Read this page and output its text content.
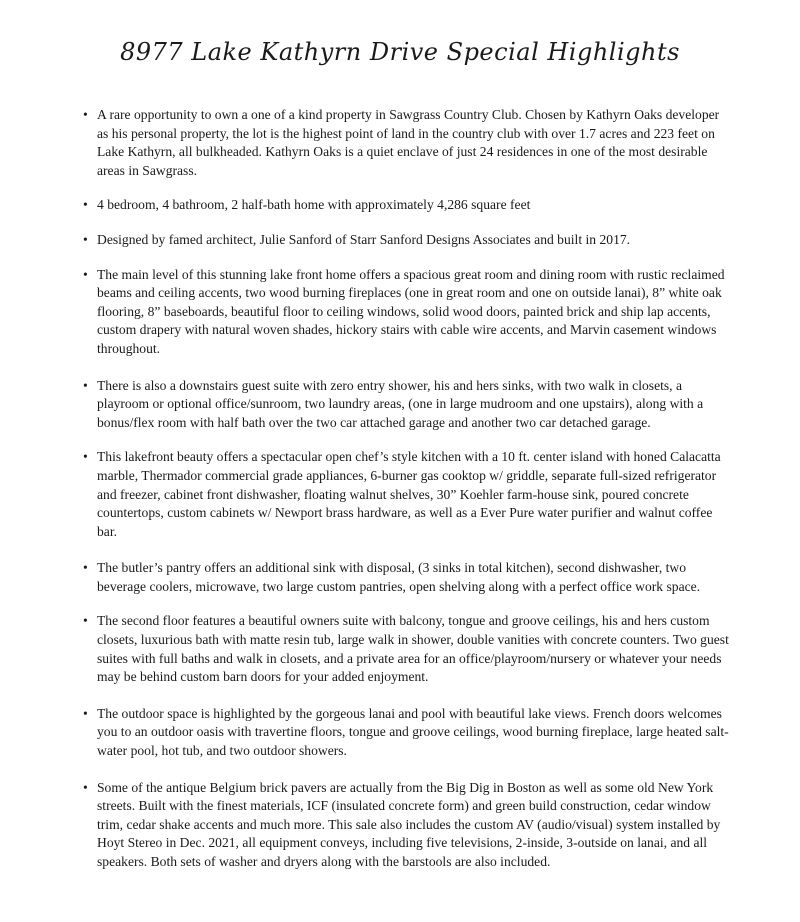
8977 Lake Kathyrn Drive Special Highlights
• A rare opportunity to own a one of a kind property in Sawgrass Country Club. Chosen by Kathyrn Oaks developer as his personal property, the lot is the highest point of land in the country club with over 1.7 acres and 223 feet on Lake Kathyrn, all bulkheaded. Kathyrn Oaks is a quiet enclave of just 24 residences in one of the most desirable areas in Sawgrass.
• 4 bedroom, 4 bathroom, 2 half-bath home with approximately 4,286 square feet
• Designed by famed architect, Julie Sanford of Starr Sanford Designs Associates and built in 2017.
• The main level of this stunning lake front home offers a spacious great room and dining room with rustic reclaimed beams and ceiling accents, two wood burning fireplaces (one in great room and one on outside lanai), 8” white oak flooring, 8” baseboards, beautiful floor to ceiling windows, solid wood doors, painted brick and ship lap accents, custom drapery with natural woven shades, hickory stairs with cable wire accents, and Marvin casement windows throughout.
• There is also a downstairs guest suite with zero entry shower, his and hers sinks, with two walk in closets, a playroom or optional office/sunroom, two laundry areas, (one in large mudroom and one upstairs), along with a bonus/flex room with half bath over the two car attached garage and another two car detached garage.
• This lakefront beauty offers a spectacular open chef’s style kitchen with a 10 ft. center island with honed Calacatta marble, Thermador commercial grade appliances, 6-burner gas cooktop w/ griddle, separate full-sized refrigerator and freezer, cabinet front dishwasher, floating walnut shelves, 30” Koehler farm-house sink, poured concrete countertops, custom cabinets w/ Newport brass hardware, as well as a Ever Pure water purifier and walnut coffee bar.
• The butler’s pantry offers an additional sink with disposal, (3 sinks in total kitchen), second dishwasher, two beverage coolers, microwave, two large custom pantries, open shelving along with a perfect office work space.
• The second floor features a beautiful owners suite with balcony, tongue and groove ceilings, his and hers custom closets, luxurious bath with matte resin tub, large walk in shower, double vanities with concrete counters. Two guest suites with full baths and walk in closets, and a private area for an office/playroom/nursery or whatever your needs may be behind custom barn doors for your added enjoyment.
• The outdoor space is highlighted by the gorgeous lanai and pool with beautiful lake views. French doors welcomes you to an outdoor oasis with travertine floors, tongue and groove ceilings, wood burning fireplace, large heated salt-water pool, hot tub, and two outdoor showers.
• Some of the antique Belgium brick pavers are actually from the Big Dig in Boston as well as some old New York streets. Built with the finest materials, ICF (insulated concrete form) and green build construction, cedar window trim, cedar shake accents and much more. This sale also includes the custom AV (audio/visual) system installed by Hoyt Stereo in Dec. 2021, all equipment conveys, including five televisions, 2-inside, 3-outside on lanai, and all speakers. Both sets of washer and dryers along with the barstools are also included.
